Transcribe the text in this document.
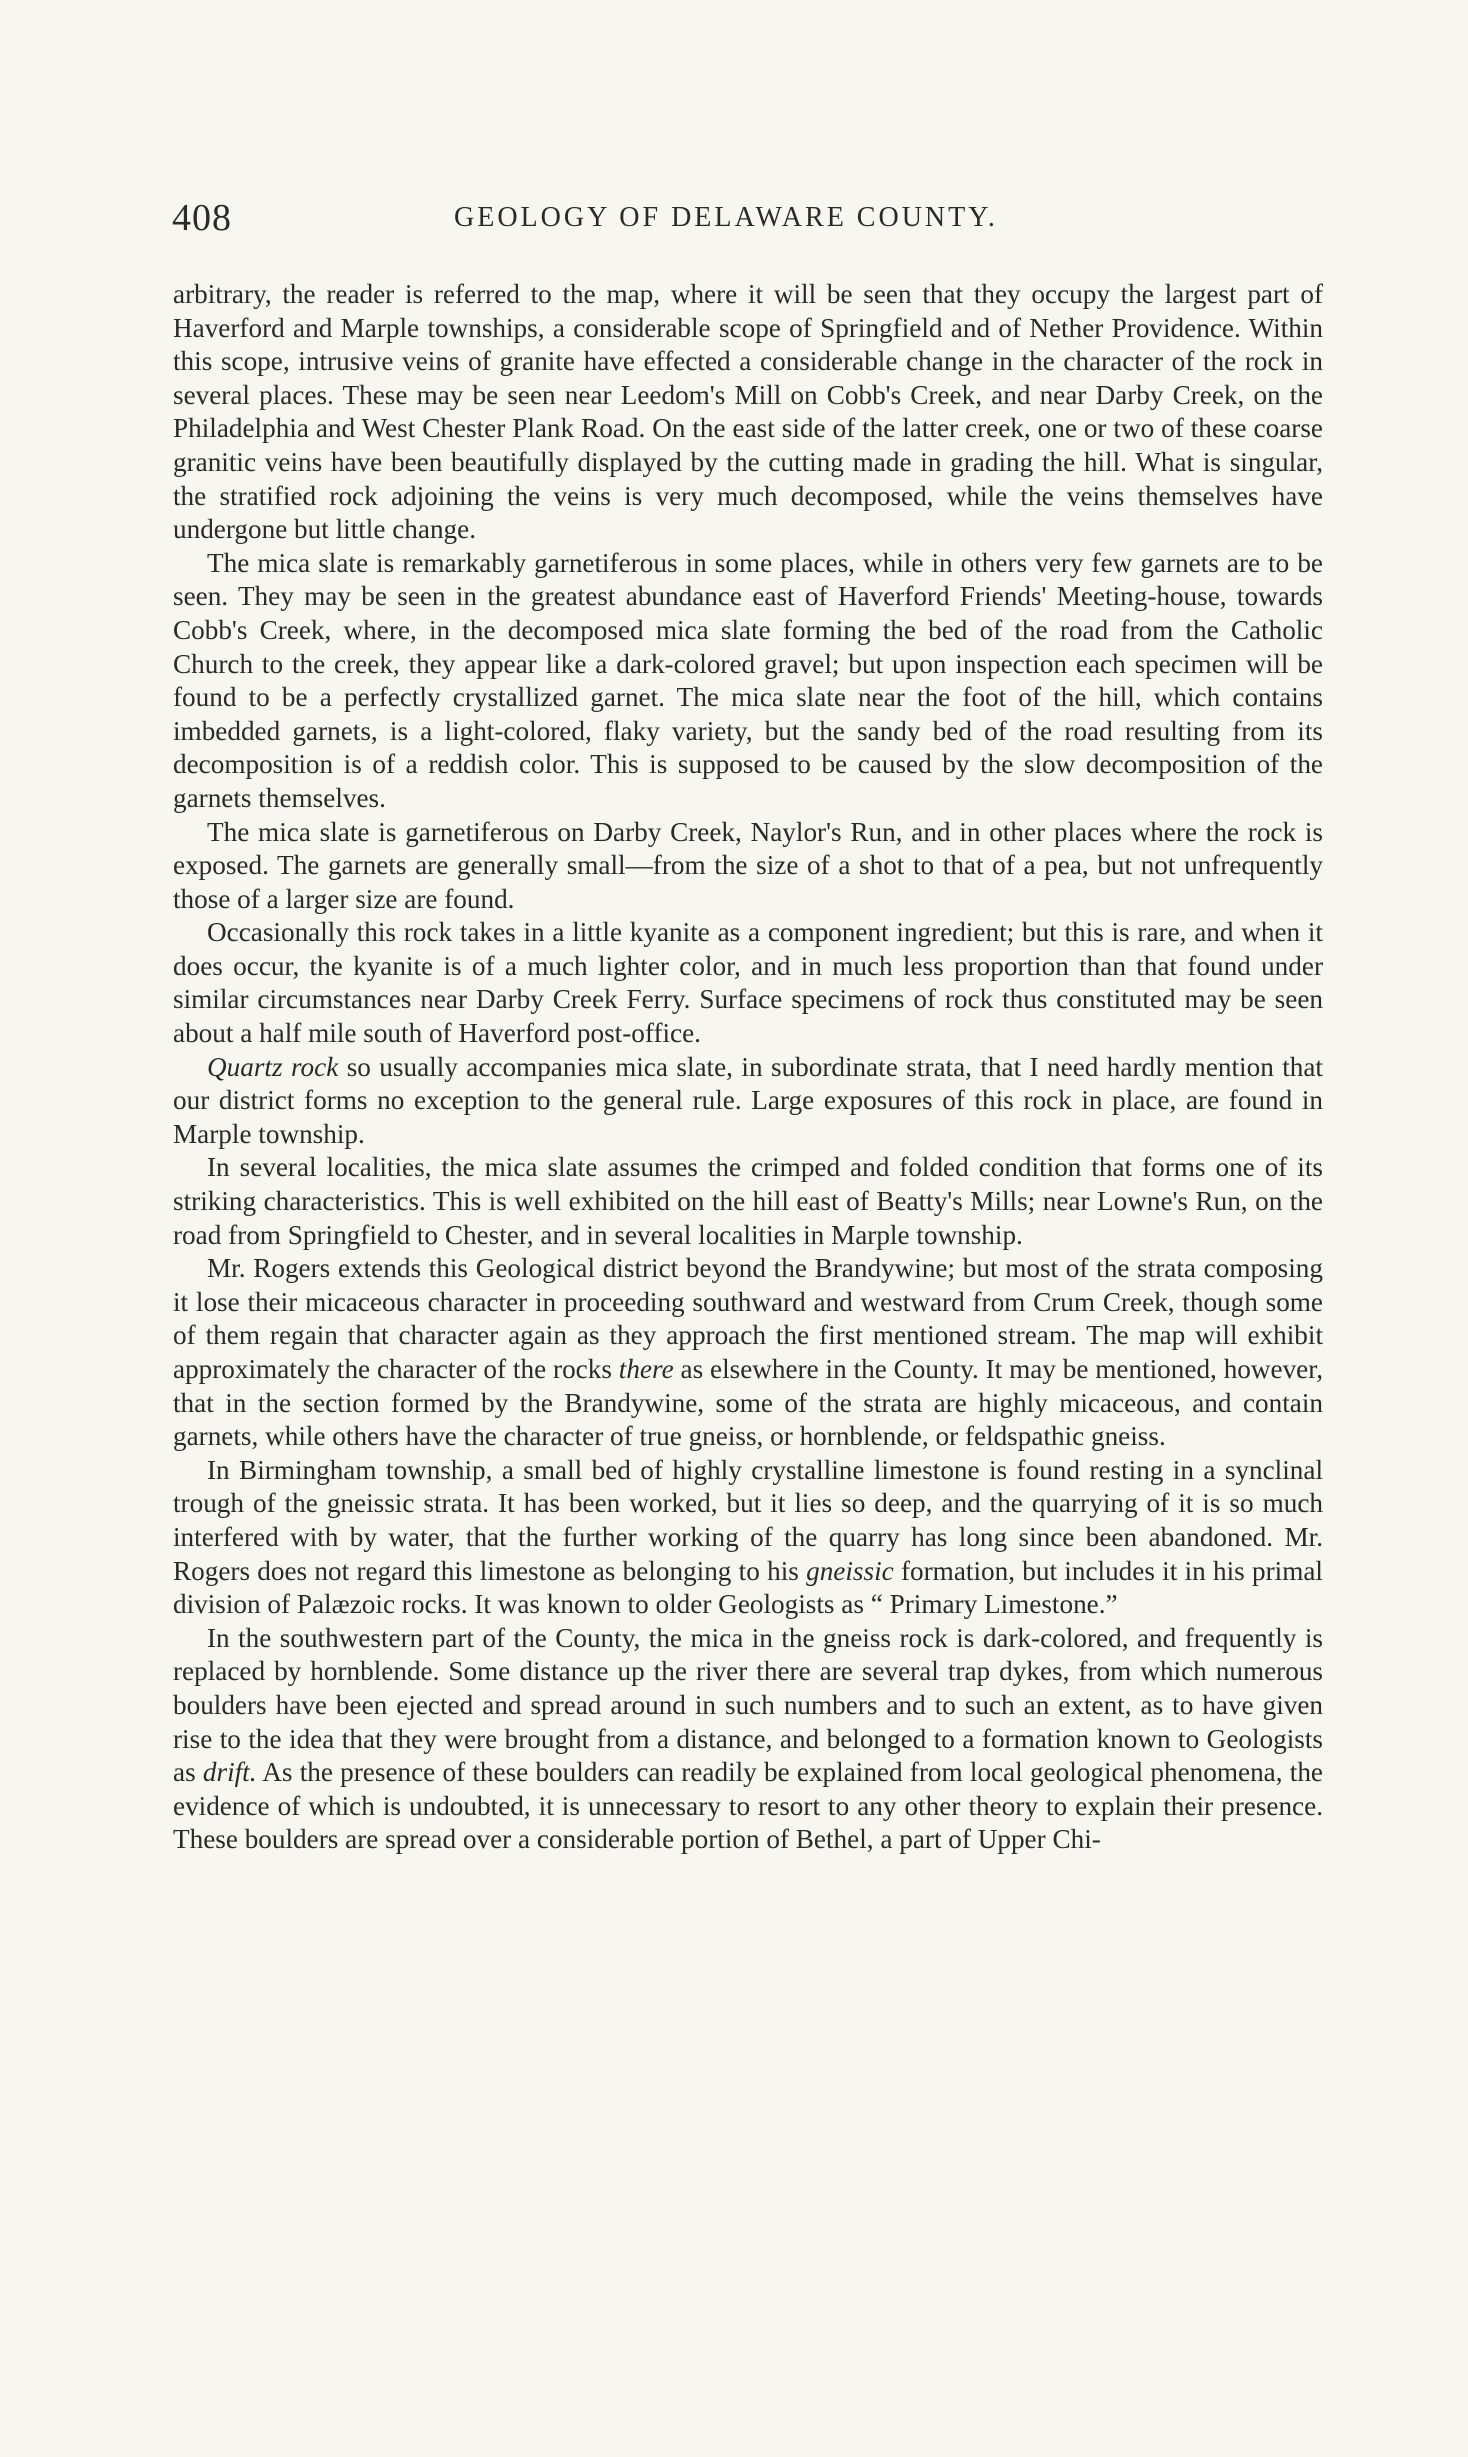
408	GEOLOGY OF DELAWARE COUNTY.

arbitrary, the reader is referred to the map, where it will be seen that they occupy the largest part of Haverford and Marple townships, a considerable scope of Springfield and of Nether Providence. Within this scope, intrusive veins of granite have effected a considerable change in the character of the rock in several places. These may be seen near Leedom's Mill on Cobb's Creek, and near Darby Creek, on the Philadelphia and West Chester Plank Road. On the east side of the latter creek, one or two of these coarse granitic veins have been beautifully displayed by the cutting made in grading the hill. What is singular, the stratified rock adjoining the veins is very much decomposed, while the veins themselves have undergone but little change.

The mica slate is remarkably garnetiferous in some places, while in others very few garnets are to be seen. They may be seen in the greatest abundance east of Haverford Friends' Meeting-house, towards Cobb's Creek, where, in the decomposed mica slate forming the bed of the road from the Catholic Church to the creek, they appear like a dark-colored gravel; but upon inspection each specimen will be found to be a perfectly crystallized garnet. The mica slate near the foot of the hill, which contains imbedded garnets, is a light-colored, flaky variety, but the sandy bed of the road resulting from its decomposition is of a reddish color. This is supposed to be caused by the slow decomposition of the garnets themselves.

The mica slate is garnetiferous on Darby Creek, Naylor's Run, and in other places where the rock is exposed. The garnets are generally small—from the size of a shot to that of a pea, but not unfrequently those of a larger size are found.

Occasionally this rock takes in a little kyanite as a component ingredient; but this is rare, and when it does occur, the kyanite is of a much lighter color, and in much less proportion than that found under similar circumstances near Darby Creek Ferry. Surface specimens of rock thus constituted may be seen about a half mile south of Haverford post-office.

Quartz rock so usually accompanies mica slate, in subordinate strata, that I need hardly mention that our district forms no exception to the general rule. Large exposures of this rock in place, are found in Marple township.

In several localities, the mica slate assumes the crimped and folded condition that forms one of its striking characteristics. This is well exhibited on the hill east of Beatty's Mills; near Lowne's Run, on the road from Springfield to Chester, and in several localities in Marple township.

Mr. Rogers extends this Geological district beyond the Brandywine; but most of the strata composing it lose their micaceous character in proceeding southward and westward from Crum Creek, though some of them regain that character again as they approach the first mentioned stream. The map will exhibit approximately the character of the rocks there as elsewhere in the County. It may be mentioned, however, that in the section formed by the Brandywine, some of the strata are highly micaceous, and contain garnets, while others have the character of true gneiss, or hornblende, or feldspathic gneiss.

In Birmingham township, a small bed of highly crystalline limestone is found resting in a synclinal trough of the gneissic strata. It has been worked, but it lies so deep, and the quarrying of it is so much interfered with by water, that the further working of the quarry has long since been abandoned. Mr. Rogers does not regard this limestone as belonging to his gneissic formation, but includes it in his primal division of Palæzoic rocks. It was known to older Geologists as “ Primary Limestone.”

In the southwestern part of the County, the mica in the gneiss rock is dark-colored, and frequently is replaced by hornblende. Some distance up the river there are several trap dykes, from which numerous boulders have been ejected and spread around in such numbers and to such an extent, as to have given rise to the idea that they were brought from a distance, and belonged to a formation known to Geologists as drift. As the presence of these boulders can readily be explained from local geological phenomena, the evidence of which is undoubted, it is unnecessary to resort to any other theory to explain their presence. These boulders are spread over a considerable portion of Bethel, a part of Upper Chi-
